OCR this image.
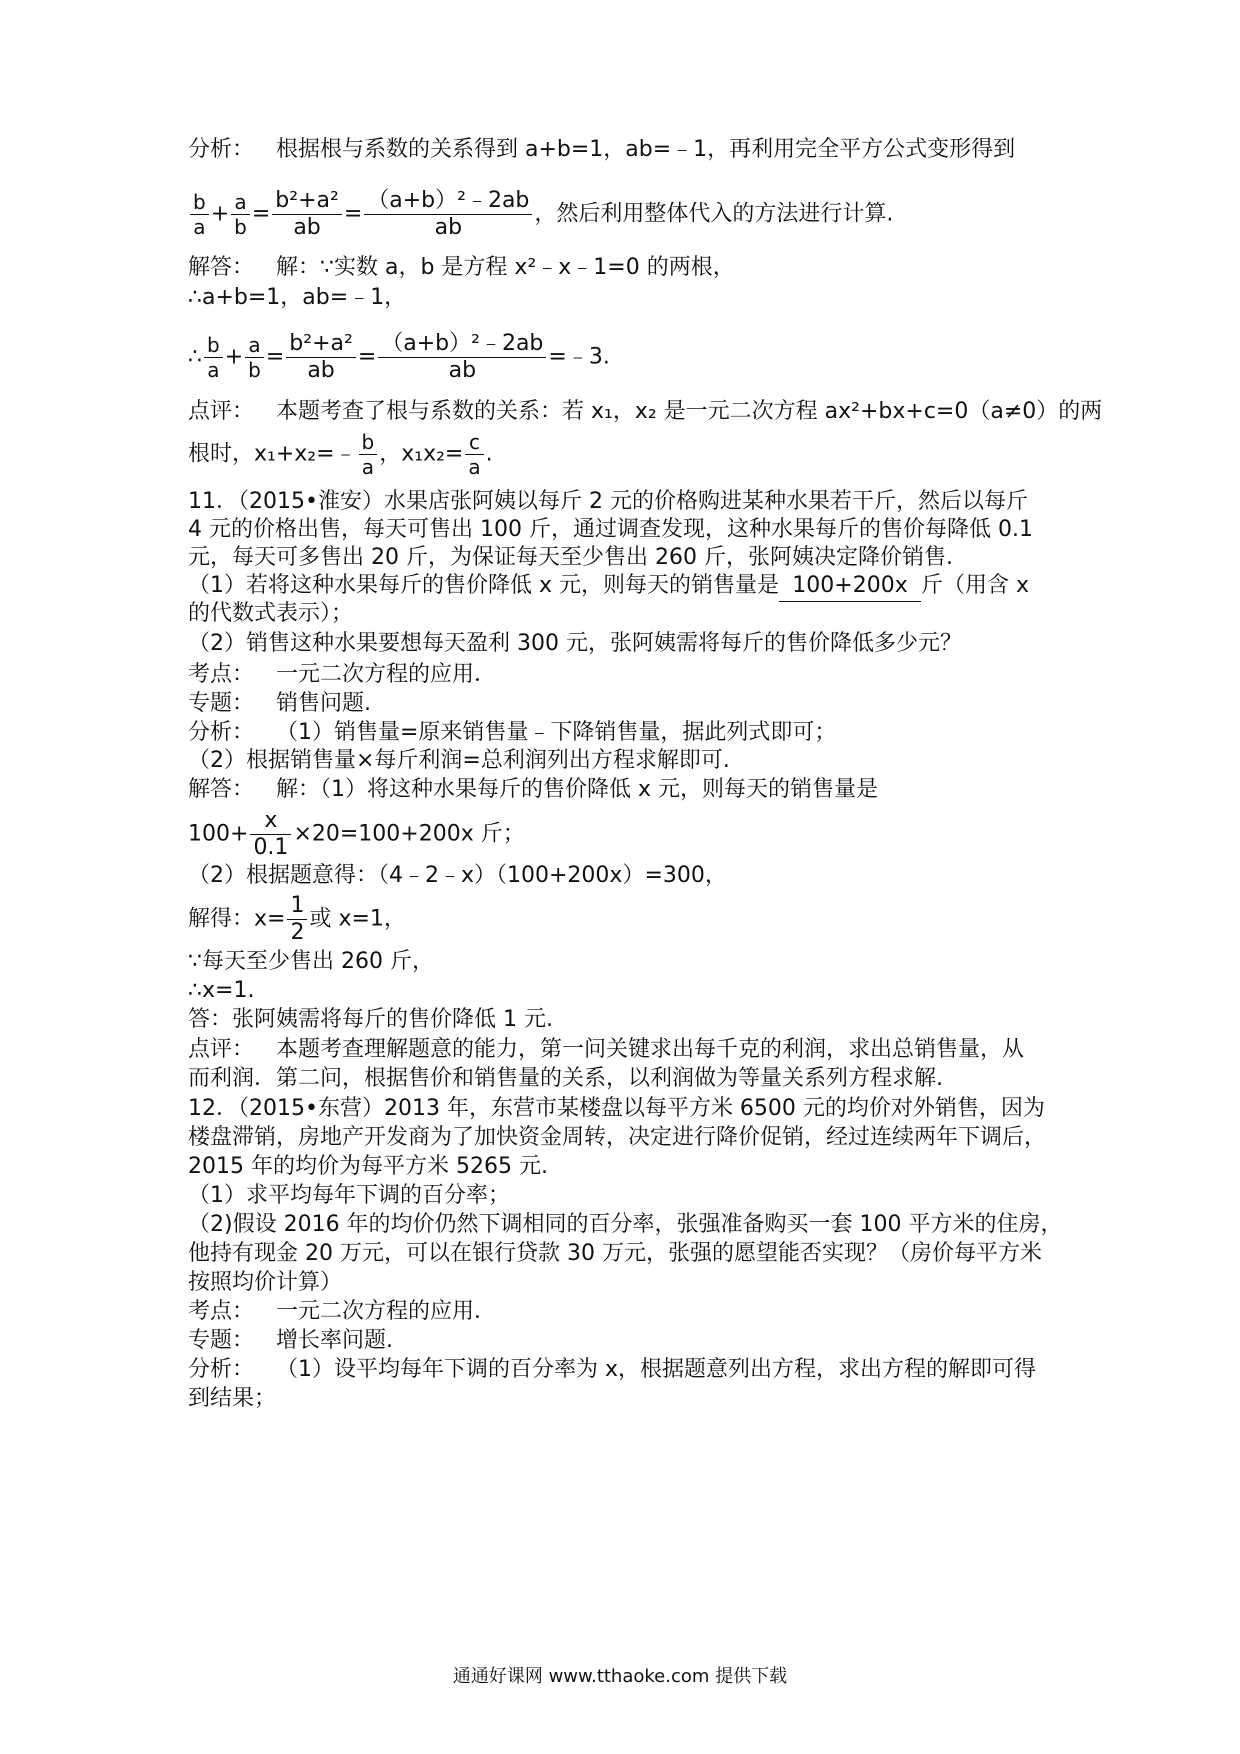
分析： 根据根与系数的关系得到 a+b=1，ab=﹣1，再利用完全平方公式变形得到
$\frac{b}{a} + \frac{a}{b} = \frac{\text{b²+a²}}{ab} = \frac{\text{（a+b）²﹣2ab}}{ab}$ ，然后利用整体代入的方法进行计算.
解答： 解：∵实数 a，b 是方程 x²﹣x﹣1=0 的两根，
∴a+b=1，ab=﹣1，
∴ $\frac{b}{a} + \frac{a}{b} = \frac{\text{b²+a²}}{ab} = \frac{\text{（a+b）²﹣2ab}}{ab}$ =﹣3.
点评： 本题考查了根与系数的关系：若 x₁，x₂ 是一元二次方程 ax²+bx+c=0（a≠0）的两
根时，x₁+x₂=﹣ $\frac{b}{a}$ ，$x_1x_2= \frac{c}{a}$ .
11．（2015•淮安）水果店张阿姨以每斤 2 元的价格购进某种水果若干斤，然后以每斤
4 元的价格出售，每天可售出 100 斤，通过调查发现，这种水果每斤的售价每降低 0.1
元，每天可多售出 20 斤，为保证每天至少售出 260 斤，张阿姨决定降价销售.
（1）若将这种水果每斤的售价降低 x 元，则每天的销售量是 100+200x 斤（用含 x
的代数式表示）；
（2）销售这种水果要想每天盈利 300 元，张阿姨需将每斤的售价降低多少元？
考点： 一元二次方程的应用．
专题： 销售问题.
分析： （1）销售量=原来销售量﹣下降销售量，据此列式即可；
（2）根据销售量×每斤利润=总利润列出方程求解即可.
解答： 解：（1）将这种水果每斤的售价降低 x 元，则每天的销售量是
$100+ \frac{x}{0.1} \times 20=100+200x$ 斤；
（2）根据题意得：（4﹣2﹣x）（100+200x）=300，
解得：$x= \frac{1}{2}$ 或 x=1，
∵每天至少售出 260 斤，
∴x=1.
答：张阿姨需将每斤的售价降低 1 元.
点评： 本题考查理解题意的能力，第一问关键求出每千克的利润，求出总销售量，从
而利润．第二问，根据售价和销售量的关系，以利润做为等量关系列方程求解.
12．（2015•东营）2013 年，东营市某楼盘以每平方米 6500 元的均价对外销售，因为
楼盘滞销，房地产开发商为了加快资金周转，决定进行降价促销，经过连续两年下调后，
2015 年的均价为每平方米 5265 元.
（1）求平均每年下调的百分率；
（2)假设 2016 年的均价仍然下调相同的百分率，张强准备购买一套 100 平方米的住房，
他持有现金 20 万元，可以在银行贷款 30 万元，张强的愿望能否实现？（房价每平方米
按照均价计算）
考点： 一元二次方程的应用．
专题： 增长率问题.
分析： （1）设平均每年下调的百分率为 x，根据题意列出方程，求出方程的解即可得
到结果；
通通好课网 www.tthaoke.com 提供下载
